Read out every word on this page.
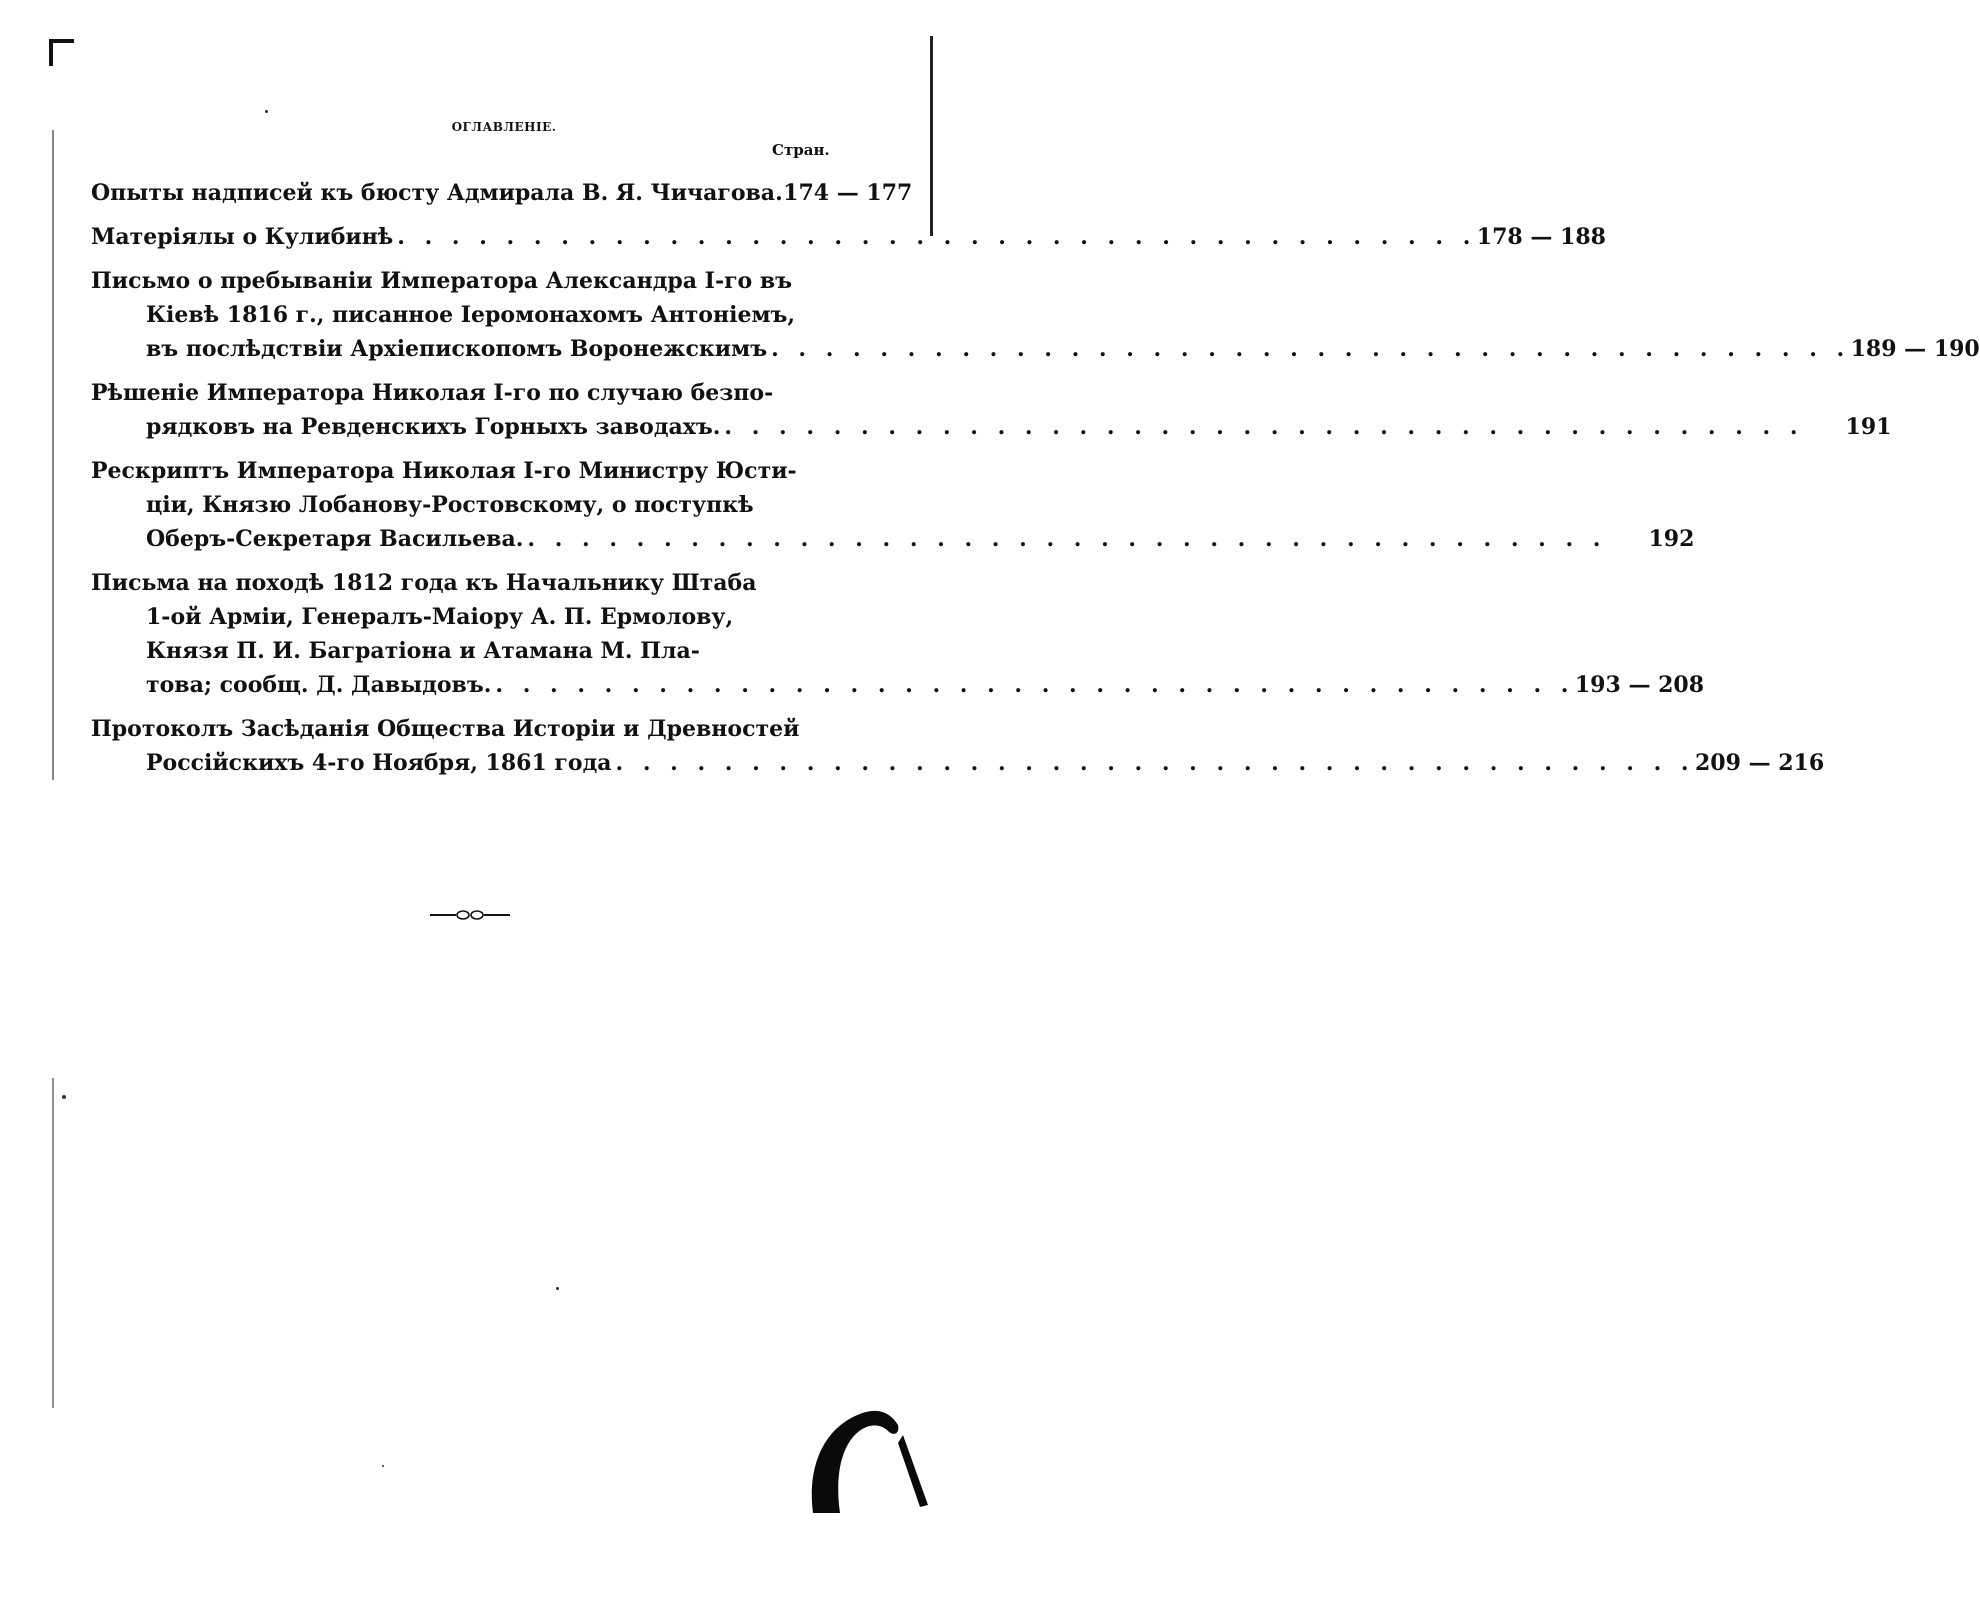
ОГЛАВЛЕНІЕ.
Стран.
Опыты надписей къ бюсту Адмирала В. Я. Чичагова. 174 — 177
Матеріялы о Кулибинѣ . . . . . . . . . . . . . . . . . . . . . . . . . . . . . . . . . . . . . . . . 178 — 188
Письмо о пребываніи Императора Александра І-го въ
Кіевѣ 1816 г., писанное Іеромонахомъ Антоніемъ,
въ послѣдствіи Архіепископомъ Воронежскимъ . . . . . . . . . . . . . . . . . . . . . . . . . . . . . . . . . . . . . . . . 189 — 190
Рѣшеніе Императора Николая І-го по случаю безпо-
рядковъ на Ревденскихъ Горныхъ заводахъ. . . . . . . . . . . . . . . . . . . . . . . . . . . . . . . . . . . . . . . . .	191
Рескриптъ Императора Николая І-го Министру Юсти-
ціи, Князю Лобанову-Ростовскому, о поступкѣ
Оберъ-Секретаря Васильева. . . . . . . . . . . . . . . . . . . . . . . . . . . . . . . . . . . . . . . . .	192
Письма на походѣ 1812 года къ Начальнику Штаба
1-ой Арміи, Генералъ-Маіору А. П. Ермолову,
Князя П. И. Багратіона и Атамана М. Пла-
това; сообщ. Д. Давыдовъ. . . . . . . . . . . . . . . . . . . . . . . . . . . . . . . . . . . . . . . . . 193 — 208
Протоколъ Засѣданія Общества Исторіи и Древностей
Россійскихъ 4-го Ноября, 1861 года . . . . . . . . . . . . . . . . . . . . . . . . . . . . . . . . . . . . . . . . 209 — 216
